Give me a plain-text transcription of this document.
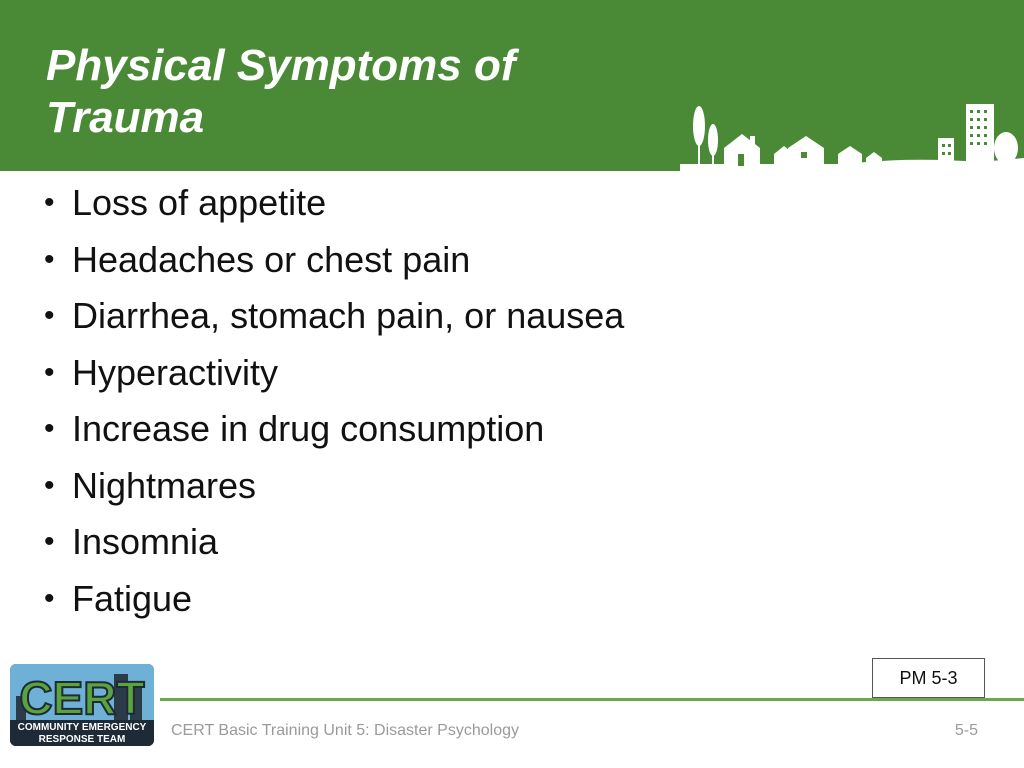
Physical Symptoms of Trauma
• Loss of appetite
• Headaches or chest pain
• Diarrhea, stomach pain, or nausea
• Hyperactivity
• Increase in drug consumption
• Nightmares
• Insomnia
• Fatigue
PM 5-3
CERT
COMMUNITY EMERGENCY
RESPONSE TEAM
CERT Basic Training Unit 5: Disaster Psychology	5-5
